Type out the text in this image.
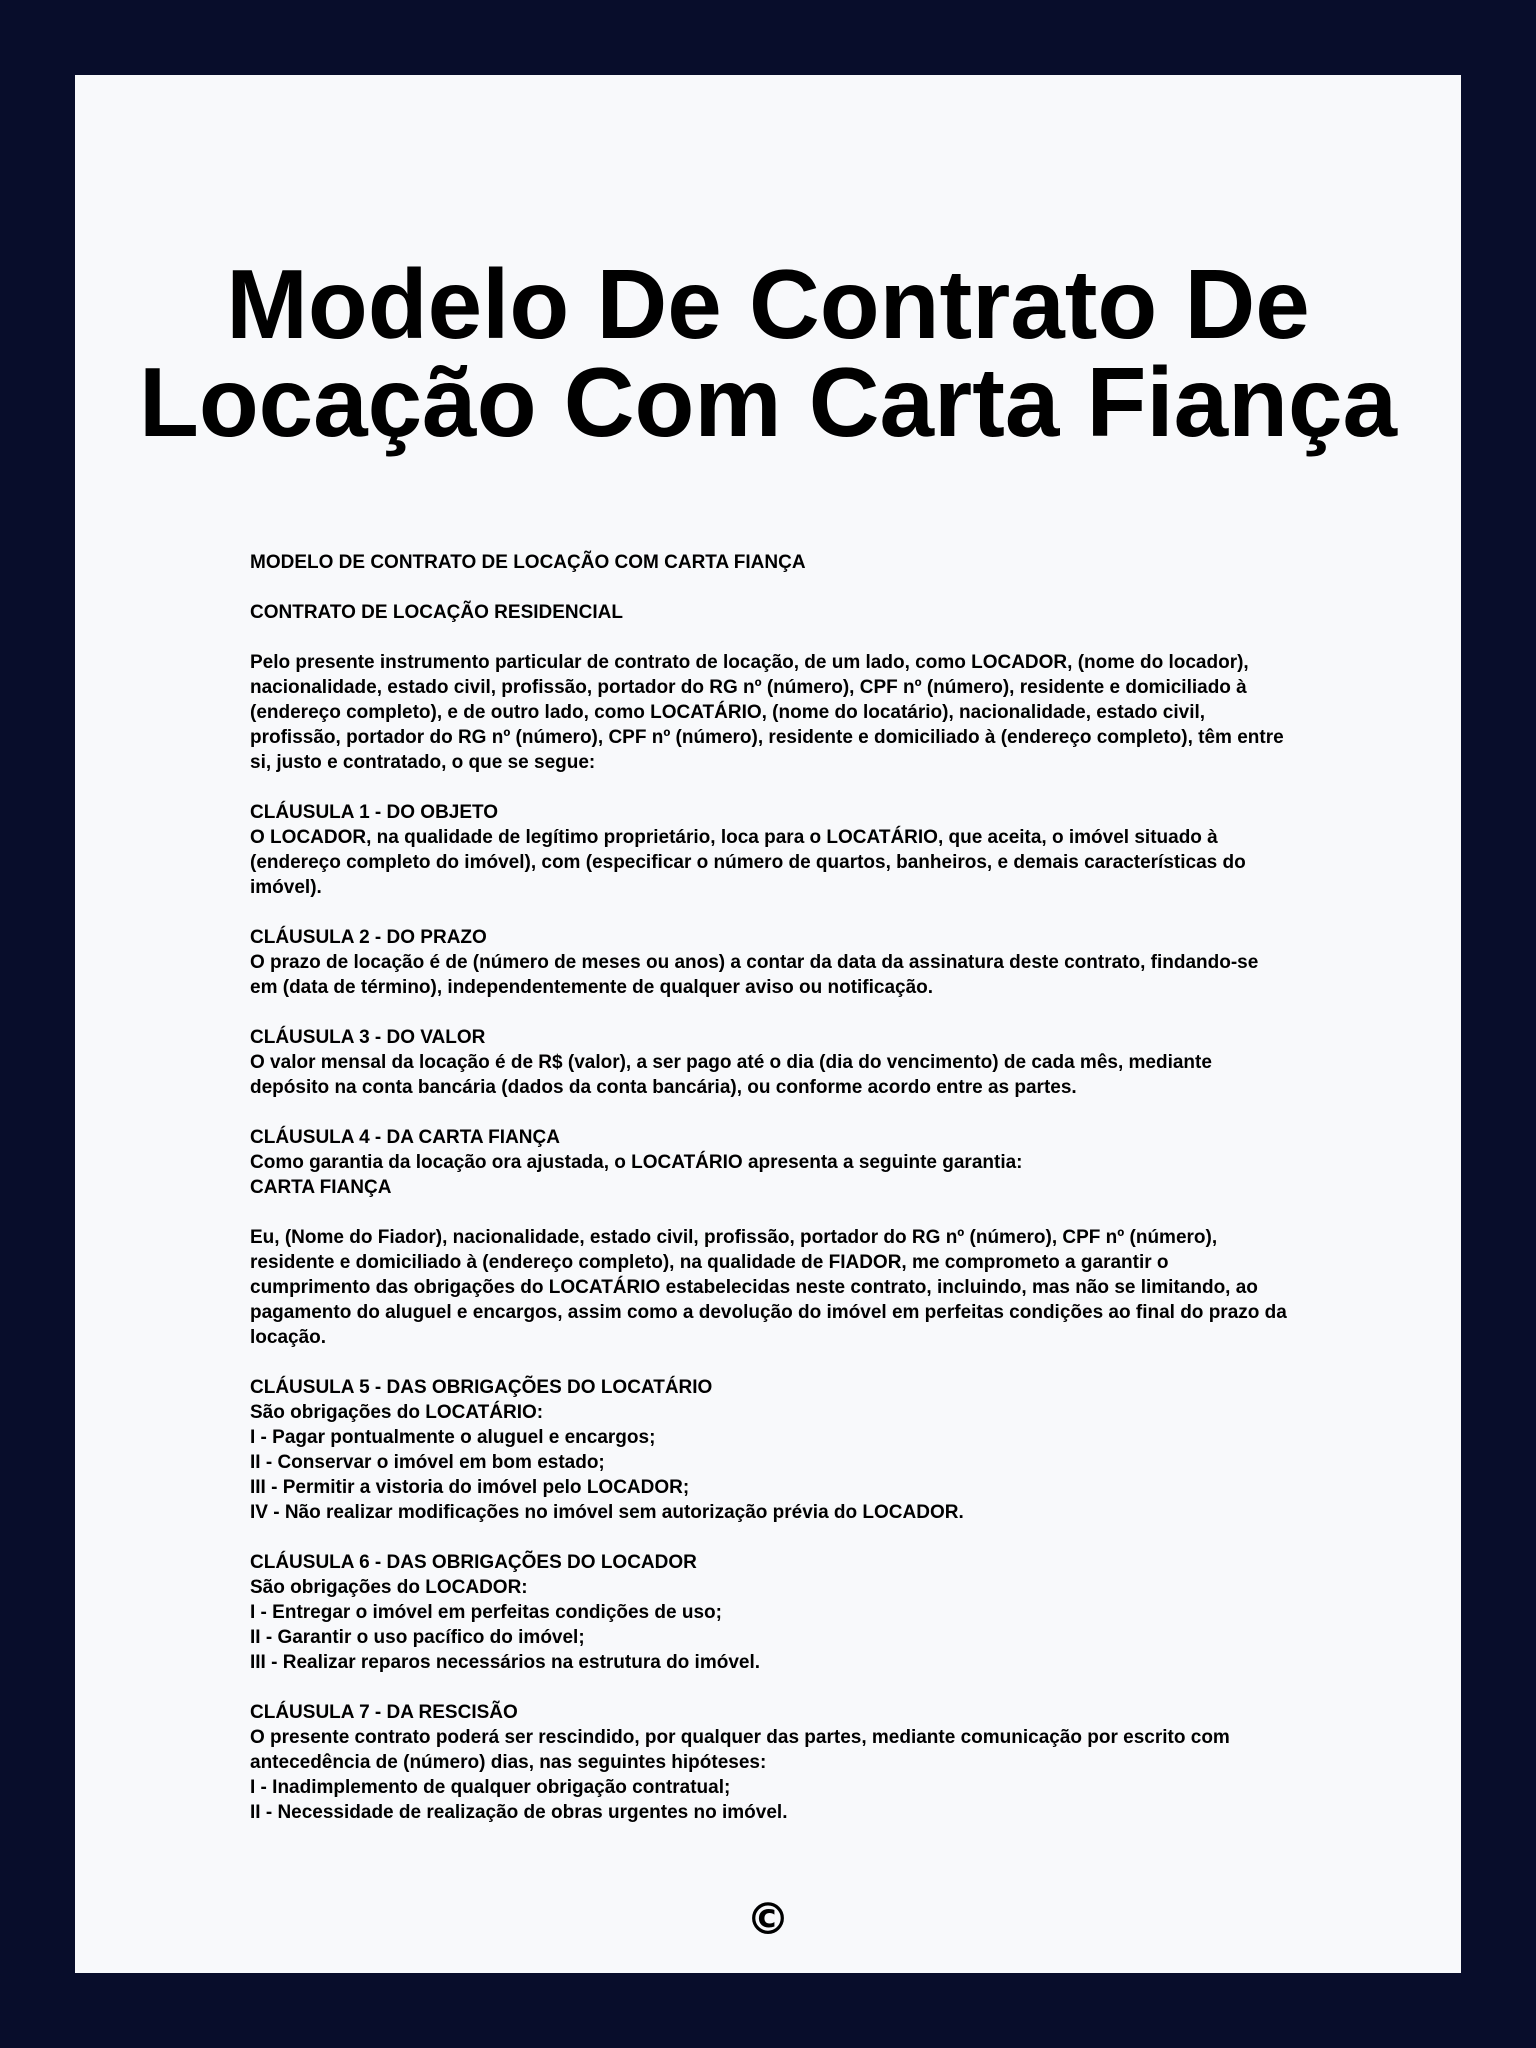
Modelo De Contrato De
Locação Com Carta Fiança

MODELO DE CONTRATO DE LOCAÇÃO COM CARTA FIANÇA

CONTRATO DE LOCAÇÃO RESIDENCIAL

Pelo presente instrumento particular de contrato de locação, de um lado, como LOCADOR, (nome do locador), nacionalidade, estado civil, profissão, portador do RG nº (número), CPF nº (número), residente e domiciliado à (endereço completo), e de outro lado, como LOCATÁRIO, (nome do locatário), nacionalidade, estado civil, profissão, portador do RG nº (número), CPF nº (número), residente e domiciliado à (endereço completo), têm entre si, justo e contratado, o que se segue:

CLÁUSULA 1 - DO OBJETO
O LOCADOR, na qualidade de legítimo proprietário, loca para o LOCATÁRIO, que aceita, o imóvel situado à (endereço completo do imóvel), com (especificar o número de quartos, banheiros, e demais características do imóvel).

CLÁUSULA 2 - DO PRAZO
O prazo de locação é de (número de meses ou anos) a contar da data da assinatura deste contrato, findando-se em (data de término), independentemente de qualquer aviso ou notificação.

CLÁUSULA 3 - DO VALOR
O valor mensal da locação é de R$ (valor), a ser pago até o dia (dia do vencimento) de cada mês, mediante depósito na conta bancária (dados da conta bancária), ou conforme acordo entre as partes.

CLÁUSULA 4 - DA CARTA FIANÇA
Como garantia da locação ora ajustada, o LOCATÁRIO apresenta a seguinte garantia:
CARTA FIANÇA

Eu, (Nome do Fiador), nacionalidade, estado civil, profissão, portador do RG nº (número), CPF nº (número), residente e domiciliado à (endereço completo), na qualidade de FIADOR, me comprometo a garantir o cumprimento das obrigações do LOCATÁRIO estabelecidas neste contrato, incluindo, mas não se limitando, ao pagamento do aluguel e encargos, assim como a devolução do imóvel em perfeitas condições ao final do prazo da locação.

CLÁUSULA 5 - DAS OBRIGAÇÕES DO LOCATÁRIO
São obrigações do LOCATÁRIO:
I - Pagar pontualmente o aluguel e encargos;
II - Conservar o imóvel em bom estado;
III - Permitir a vistoria do imóvel pelo LOCADOR;
IV - Não realizar modificações no imóvel sem autorização prévia do LOCADOR.

CLÁUSULA 6 - DAS OBRIGAÇÕES DO LOCADOR
São obrigações do LOCADOR:
I - Entregar o imóvel em perfeitas condições de uso;
II - Garantir o uso pacífico do imóvel;
III - Realizar reparos necessários na estrutura do imóvel.

CLÁUSULA 7 - DA RESCISÃO
O presente contrato poderá ser rescindido, por qualquer das partes, mediante comunicação por escrito com antecedência de (número) dias, nas seguintes hipóteses:
I - Inadimplemento de qualquer obrigação contratual;
II - Necessidade de realização de obras urgentes no imóvel.

©
